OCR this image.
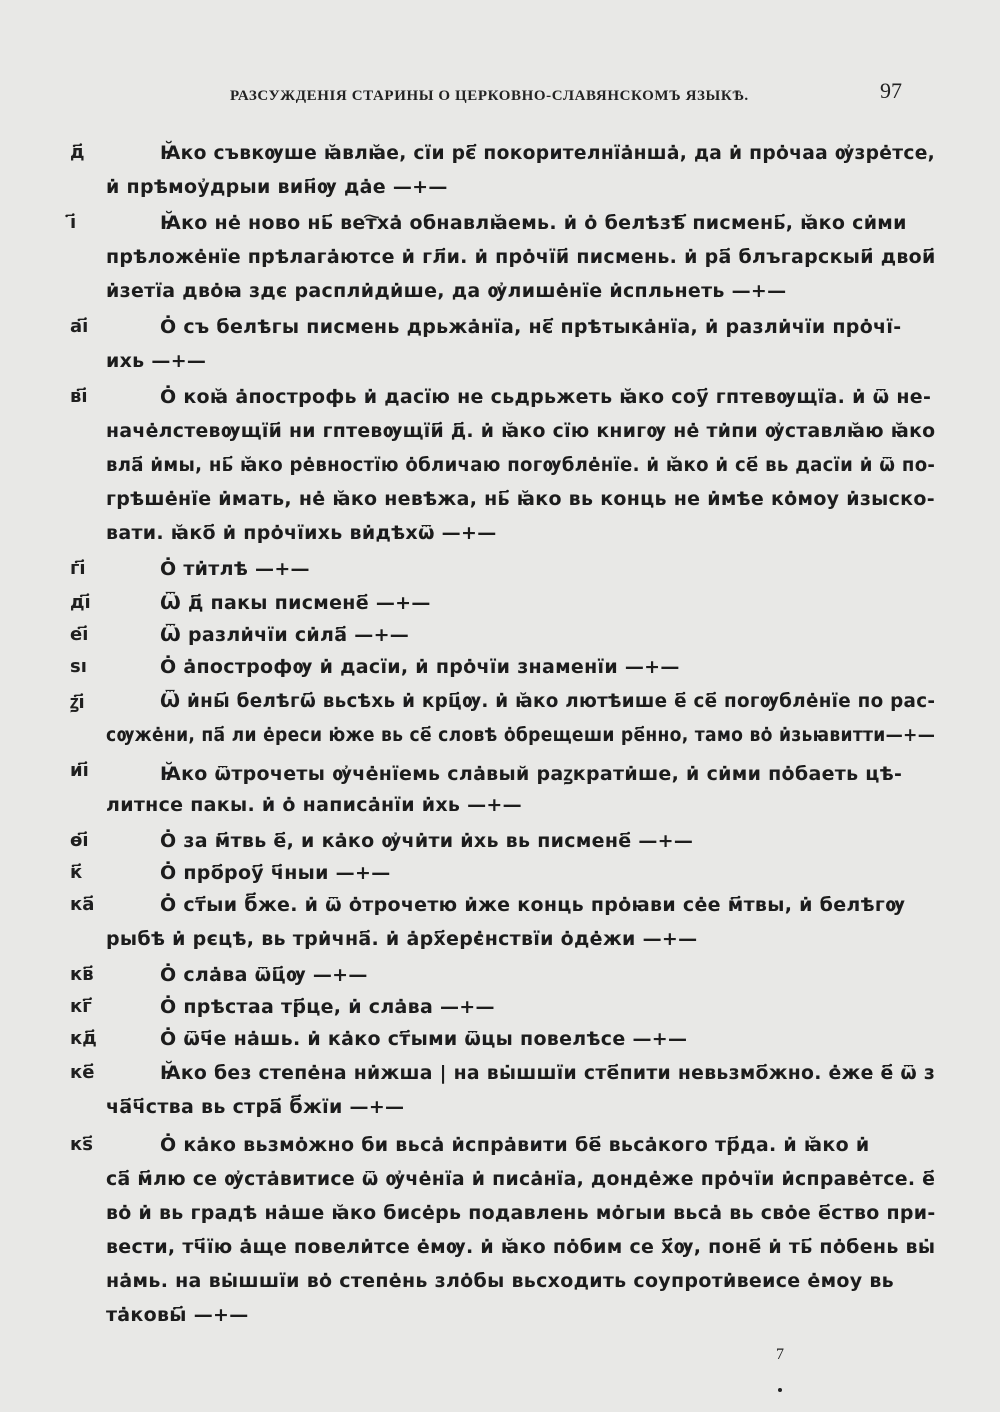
РАЗСУЖДЕНІЯ СТАРИНЫ О ЦЕРКОВНО-СЛАВЯНСКОМЪ ЯЗЫКѢ.	97
д҃	Ꙗ̆ко съвкѹше ꙗ̆влꙗ̆е, сїи рє҃ покорителнїа̇нша̇, да и̇ про̇чаа ѹ҆зре̇тсе,
и̇ прѣмоу҆дрыи вин҃ѹ да̇е —+—
ı҃	Ꙗ̆ко не̇ ново нь҃ вет҇ха̇ обнавлꙗ̆емь. и̇ о̇ белѣзѣ҃ писмень҃, ꙗ̆ко си̇ми
прѣложе̇нїе прѣлага̇ютсе и̇ гл҃и. и̇ про̇чїи҃ писмень. и̇ ра҃ блъгарскыи҃ двои҃
и̇зетїа дво̇ꙗ здє распли̇ди̇ше, да ѹ҆лише̇нїе и̇спльнеть —+—
аı҃	О̇ съ белѣгы писмень дрьжа̇нїа, нє҃ прѣтыка̇нїа, и̇ разли̇чїи про̇чї-
ихь —+—
вı҃	О̇ коꙗ̆ а̇построфь и̇ дасїю не сьдрьжеть ꙗ̆ко соу҃ гптевѹщїа. и̇ ѿ не-
наче̇лстевѹщїи҃ ни гптевѹщїи҃ д҃. и̇ ꙗ̆ко сїю книгѹ не̇ ти̇пи ѹ҆ставлꙗ̆ю ꙗ̆ко
вла҃ и̇мы, нь҃ ꙗ̆ко ре̇вностїю о̇бличаю погѹбле̇нїе. и̇ ꙗ̆ко и̇ се҃ вь дасїи и̇ ѿ по-
грѣше̇нїе и̇мать, не̇ ꙗ̆ко невѣжа, нь҃ ꙗ̆ко вь конць не и̇мѣе ко̇моу и̇зыско-
вати. ꙗ̆ко҃ и̇ про̇чїихь ви̇дѣхѿ —+—
гı҃	О̇ ти̇тлѣ —+—
дı҃	Ѿ д҃ пакы писмене҃ —+—
еı҃	Ѿ разли̇чїи си̇ла҃ —+—
ѕı	О̇ а̇построфѹ и̇ дасїи, и̇ про̇чїи знаменїи —+—
ꙁı҃	Ѿ и̇ны҃ белѣгѡ҃ вьсѣхь и̇ крц҃ѹ. и̇ ꙗ̆ко лютѣише е҃ се҃ погѹбле̇нїе по рас-
сѹже̇ни, па҃ ли е̇реси ю̇же вь се҃ словѣ о̇брещеши ре҃нно, тамо во̇ и̇зьꙗвитти—+—
иı҃	Ꙗ̆ко ѿтрочеты ѹ҆че̇нїемь сла̇вый раꙁкрати̇ше, и̇ си̇ми по̇баеть цѣ-
литнсе пакы. и̇ о̇ написа̇нїи и̇хь —+—
ѳı҃	О̇ за м҃твь е҃, и ка̇ко ѹ҆чи̇ти и̇хь вь писмене҃ —+—
к҃	О̇ про҃роу҃ ч҃ныи —+—
ка҃	О̇ ст҃ыи б҃же. и̇ ѿ о̇трочетю и̇же конць про̇ꙗви се̇е м҃твы, и̇ белѣгѹ
рыбѣ и̇ рєцѣ, вь три̇чна҃. и̇ а̇рх҃ерє̇нствїи о̇де̇жи —+—
кв҃	О̇ сла̇ва ѿц҃ѹ —+—
кг҃	О̇ прѣстаа тр҃це, и̇ сла̇ва —+—
кд҃	О̇ ѿч҃е на̇шь. и̇ ка̇ко ст҃ыми ѿцы повелѣсе —+—
ке҃	Ꙗ̆ко без степе̇на ни̇жша | на вы̇шшїи сте҃пити невьзмо҃жно. е̇же е҃ ѿ з
ча҃ч҃ства вь стра҃ б҃жїи —+—
кѕ҃	О̇ ка̇ко вьзмо̇жно би вьса̇ и̇спра̇вити бе҃ вьса̇кого тр҃да. и̇ ꙗ̆ко и̇
са҃ м҃лю се ѹ҆ста̇витисе ѿ ѹ҆че̇нїа и̇ писа̇нїа, донде̇же про̇чїи и̇справе̇тсе. е҃
во̇ и̇ вь градѣ на̇ше ꙗ̆ко бисе̇рь подавлень мо̇гыи вьса̇ вь сво̇е е҃ство при-
вести, тч҃їю а̇ще повели̇тсе е̇мѹ. и̇ ꙗ̆ко по̇бим се х҃ѹ, поне҃ и̇ ть҃ по̇бень вы̇
на̇мь. на вы̇шшїи во̇ степе̇нь зло̇бы вьсходить соупроти̇веисе е̇моу вь
та̇ковы҃ —+—
7
